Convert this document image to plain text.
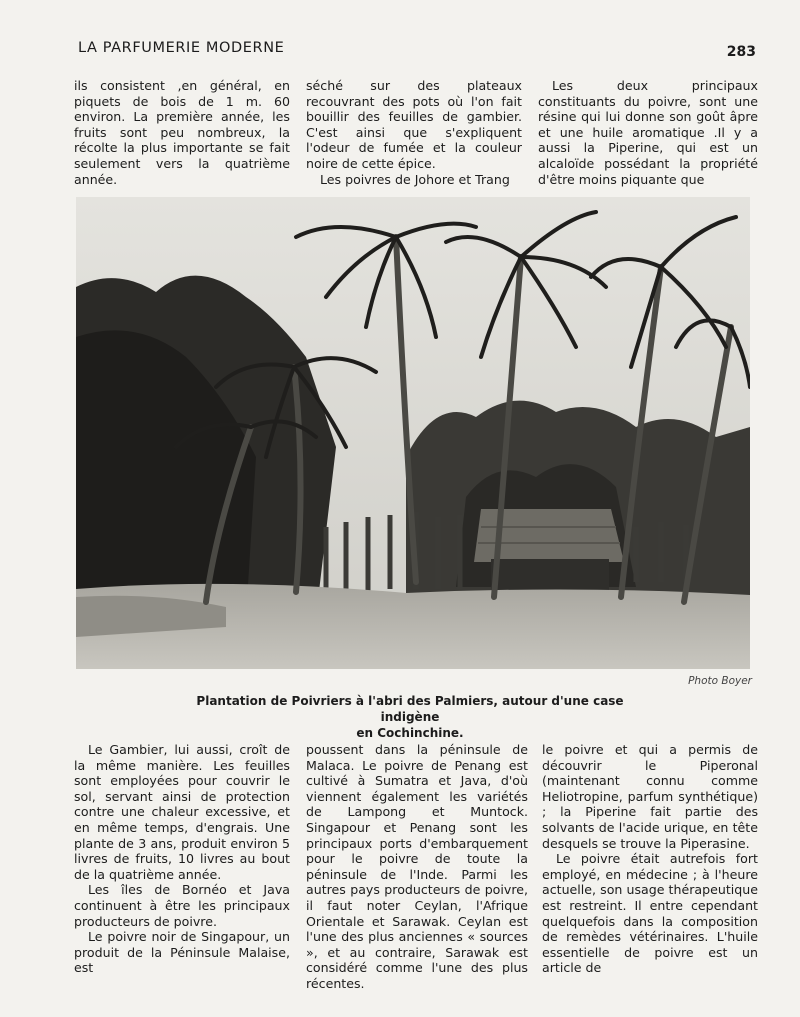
LA PARFUMERIE MODERNE	283

ils consistent ,en général, en piquets de bois de 1 m. 60 environ. La première année, les fruits sont peu nombreux, la récolte la plus importante se fait seulement vers la quatrième année.

séché sur des plateaux recouvrant des pots où l'on fait bouillir des feuilles de gambier. C'est ainsi que s'expliquent l'odeur de fumée et la couleur noire de cette épice.

Les poivres de Johore et Trang

Les deux principaux constituants du poivre, sont une résine qui lui donne son goût âpre et une huile aromatique .Il y a aussi la Piperine, qui est un alcaloïde possédant la propriété d'être moins piquante que

Photo Boyer
Plantation de Poivriers à l'abri des Palmiers, autour d'une case indigène
en Cochinchine.

Le Gambier, lui aussi, croît de la même manière. Les feuilles sont employées pour couvrir le sol, servant ainsi de protection contre une chaleur excessive, et en même temps, d'engrais. Une plante de 3 ans, produit environ 5 livres de fruits, 10 livres au bout de la quatrième année.

Les îles de Bornéo et Java continuent à être les principaux producteurs de poivre.

Le poivre noir de Singapour, un produit de la Péninsule Malaise, est

poussent dans la péninsule de Malaca. Le poivre de Penang est cultivé à Sumatra et Java, d'où viennent également les variétés de Lampong et Muntock. Singapour et Penang sont les principaux ports d'embarquement pour le poivre de toute la péninsule de l'Inde. Parmi les autres pays producteurs de poivre, il faut noter Ceylan, l'Afrique Orientale et Sarawak. Ceylan est l'une des plus anciennes « sources », et au contraire, Sarawak est considéré comme l'une des plus récentes.

le poivre et qui a permis de découvrir le Piperonal (maintenant connu comme Heliotropine, parfum synthétique) ; la Piperine fait partie des solvants de l'acide urique, en tête desquels se trouve la Piperasine.

Le poivre était autrefois fort employé, en médecine ; à l'heure actuelle, son usage thérapeutique est restreint. Il entre cependant quelquefois dans la composition de remèdes vétérinaires. L'huile essentielle de poivre est un article de
